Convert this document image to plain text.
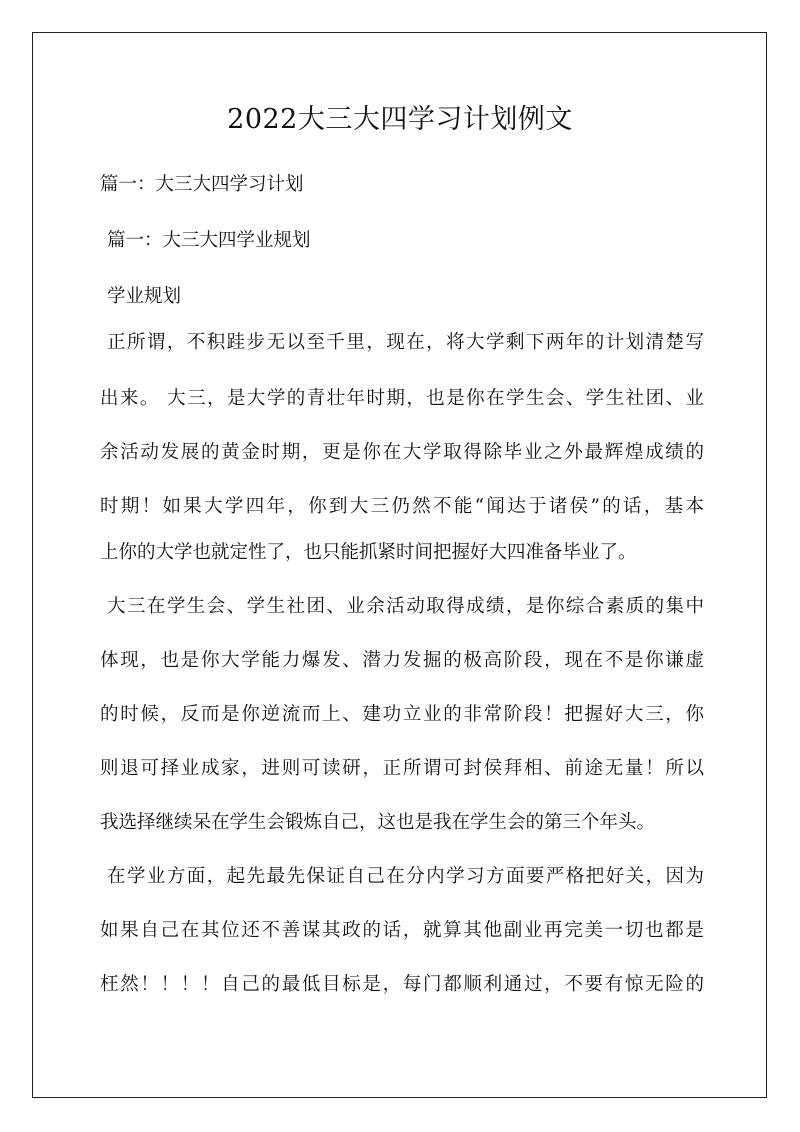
2022大三大四学习计划例文
篇一：大三大四学习计划
篇一：大三大四学业规划
学业规划
正所谓，不积跬步无以至千里，现在，将大学剩下两年的计划清楚写
出来。 大三，是大学的青壮年时期，也是你在学生会、学生社团、业
余活动发展的黄金时期，更是你在大学取得除毕业之外最辉煌成绩的
时期！如果大学四年，你到大三仍然不能“闻达于诸侯”的话，基本
上你的大学也就定性了，也只能抓紧时间把握好大四准备毕业了。
大三在学生会、学生社团、业余活动取得成绩，是你综合素质的集中
体现，也是你大学能力爆发、潜力发掘的极高阶段，现在不是你谦虚
的时候，反而是你逆流而上、建功立业的非常阶段！把握好大三，你
则退可择业成家，进则可读研，正所谓可封侯拜相、前途无量！所以
我选择继续呆在学生会锻炼自己，这也是我在学生会的第三个年头。
在学业方面，起先最先保证自己在分内学习方面要严格把好关，因为
如果自己在其位还不善谋其政的话，就算其他副业再完美一切也都是
枉然！！！！自己的最低目标是，每门都顺利通过，不要有惊无险的
